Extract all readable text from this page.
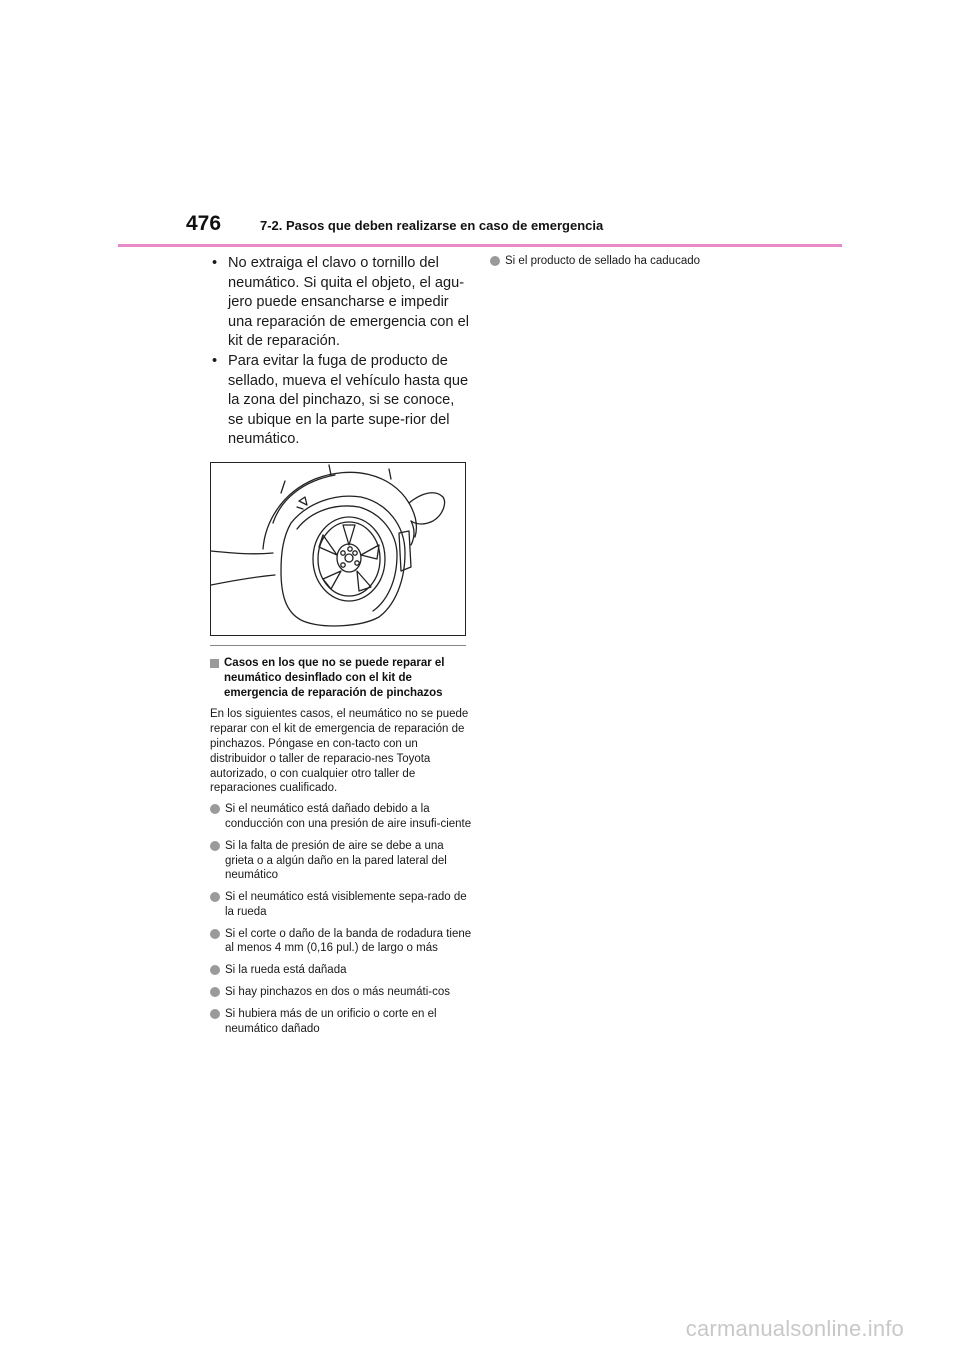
476	7-2. Pasos que deben realizarse en caso de emergencia
• No extraiga el clavo o tornillo del neumático. Si quita el objeto, el agu-jero puede ensancharse e impedir una reparación de emergencia con el kit de reparación.
• Para evitar la fuga de producto de sellado, mueva el vehículo hasta que la zona del pinchazo, si se conoce, se ubique en la parte supe-rior del neumático.
Casos en los que no se puede reparar el neumático desinflado con el kit de emergencia de reparación de pinchazos
En los siguientes casos, el neumático no se puede reparar con el kit de emergencia de reparación de pinchazos. Póngase en con-tacto con un distribuidor o taller de reparacio-nes Toyota autorizado, o con cualquier otro taller de reparaciones cualificado.
Si el neumático está dañado debido a la conducción con una presión de aire insufi-ciente
Si la falta de presión de aire se debe a una grieta o a algún daño en la pared lateral del neumático
Si el neumático está visiblemente sepa-rado de la rueda
Si el corte o daño de la banda de rodadura tiene al menos 4 mm (0,16 pul.) de largo o más
Si la rueda está dañada
Si hay pinchazos en dos o más neumáti-cos
Si hubiera más de un orificio o corte en el neumático dañado
Si el producto de sellado ha caducado
carmanualsonline.info
